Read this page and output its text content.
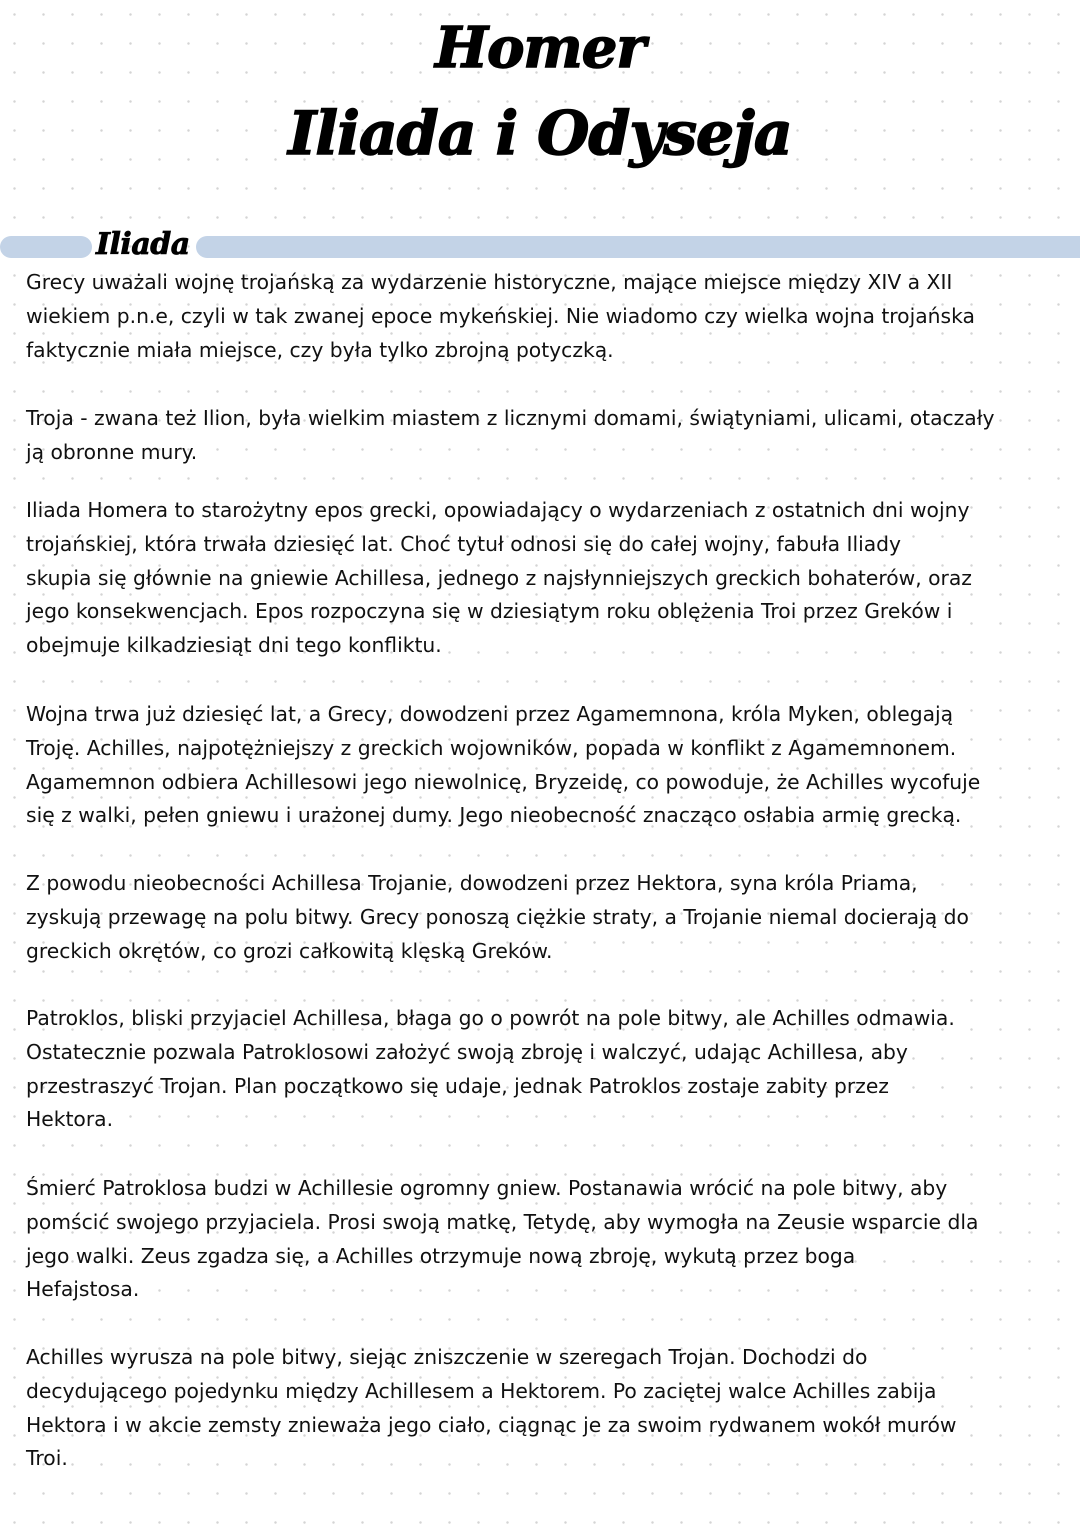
Homer
Iliada i Odyseja
Iliada

Grecy uważali wojnę trojańską za wydarzenie historyczne, mające miejsce między XIV a XII
wiekiem p.n.e, czyli w tak zwanej epoce mykeńskiej. Nie wiadomo czy wielka wojna trojańska
faktycznie miała miejsce, czy była tylko zbrojną potyczką.

Troja - zwana też Ilion, była wielkim miastem z licznymi domami, świątyniami, ulicami, otaczały
ją obronne mury.

Iliada Homera to starożytny epos grecki, opowiadający o wydarzeniach z ostatnich dni wojny
trojańskiej, która trwała dziesięć lat. Choć tytuł odnosi się do całej wojny, fabuła Iliady
skupia się głównie na gniewie Achillesa, jednego z najsłynniejszych greckich bohaterów, oraz
jego konsekwencjach. Epos rozpoczyna się w dziesiątym roku oblężenia Troi przez Greków i
obejmuje kilkadziesiąt dni tego konfliktu.

Wojna trwa już dziesięć lat, a Grecy, dowodzeni przez Agamemnona, króla Myken, oblegają
Troję. Achilles, najpotężniejszy z greckich wojowników, popada w konflikt z Agamemnonem.
Agamemnon odbiera Achillesowi jego niewolnicę, Bryzeidę, co powoduje, że Achilles wycofuje
się z walki, pełen gniewu i urażonej dumy. Jego nieobecność znacząco osłabia armię grecką.

Z powodu nieobecności Achillesa Trojanie, dowodzeni przez Hektora, syna króla Priama,
zyskują przewagę na polu bitwy. Grecy ponoszą ciężkie straty, a Trojanie niemal docierają do
greckich okrętów, co grozi całkowitą klęską Greków.

Patroklos, bliski przyjaciel Achillesa, błaga go o powrót na pole bitwy, ale Achilles odmawia.
Ostatecznie pozwala Patroklosowi założyć swoją zbroję i walczyć, udając Achillesa, aby
przestraszyć Trojan. Plan początkowo się udaje, jednak Patroklos zostaje zabity przez
Hektora.

Śmierć Patroklosa budzi w Achillesie ogromny gniew. Postanawia wrócić na pole bitwy, aby
pomścić swojego przyjaciela. Prosi swoją matkę, Tetydę, aby wymogła na Zeusie wsparcie dla
jego walki. Zeus zgadza się, a Achilles otrzymuje nową zbroję, wykutą przez boga
Hefajstosa.

Achilles wyrusza na pole bitwy, siejąc zniszczenie w szeregach Trojan. Dochodzi do
decydującego pojedynku między Achillesem a Hektorem. Po zaciętej walce Achilles zabija
Hektora i w akcie zemsty znieważa jego ciało, ciągnąc je za swoim rydwanem wokół murów
Troi.
